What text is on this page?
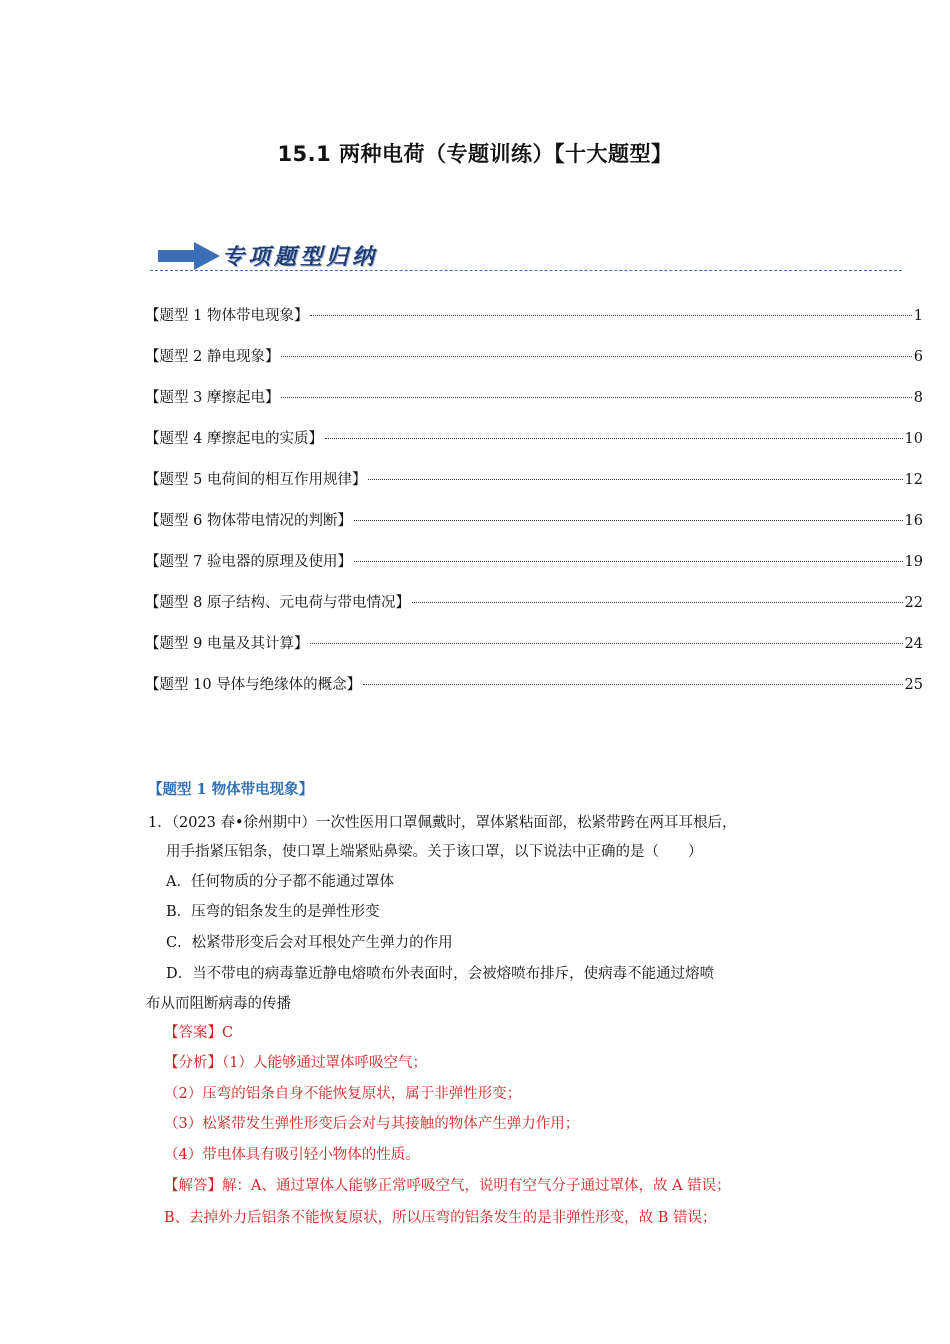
15.1 两种电荷（专题训练）【十大题型】
专项题型归纳
【题型 1 物体带电现象】	1
【题型 2 静电现象】	6
【题型 3 摩擦起电】	8
【题型 4 摩擦起电的实质】	10
【题型 5 电荷间的相互作用规律】	12
【题型 6 物体带电情况的判断】	16
【题型 7 验电器的原理及使用】	19
【题型 8 原子结构、元电荷与带电情况】	22
【题型 9 电量及其计算】	24
【题型 10 导体与绝缘体的概念】	25
【题型 1 物体带电现象】
1．（2023 春•徐州期中）一次性医用口罩佩戴时，罩体紧粘面部，松紧带跨在两耳耳根后，
用手指紧压铝条，使口罩上端紧贴鼻梁。关于该口罩，以下说法中正确的是（　　）
A．任何物质的分子都不能通过罩体
B．压弯的铝条发生的是弹性形变
C．松紧带形变后会对耳根处产生弹力的作用
D．当不带电的病毒靠近静电熔喷布外表面时，会被熔喷布排斥，使病毒不能通过熔喷
布从而阻断病毒的传播
【答案】C
【分析】（1）人能够通过罩体呼吸空气；
（2）压弯的铝条自身不能恢复原状，属于非弹性形变；
（3）松紧带发生弹性形变后会对与其接触的物体产生弹力作用；
（4）带电体具有吸引轻小物体的性质。
【解答】解：A、通过罩体人能够正常呼吸空气，说明有空气分子通过罩体，故 A 错误；
B、去掉外力后铝条不能恢复原状，所以压弯的铝条发生的是非弹性形变，故 B 错误；
